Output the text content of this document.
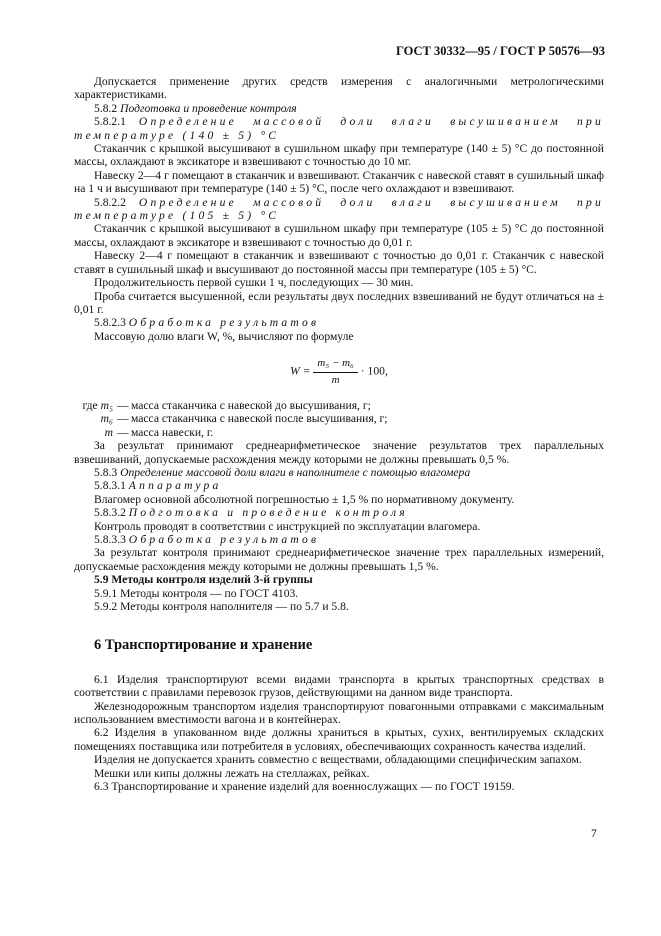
ГОСТ 30332—95 / ГОСТ Р 50576—93

Допускается применение других средств измерения с аналогичными метрологическими характеристиками.

5.8.2 Подготовка и проведение контроля

5.8.2.1 Определение массовой доли влаги высушиванием при температуре (140 ± 5) °С

Стаканчик с крышкой высушивают в сушильном шкафу при температуре (140 ± 5) °С до постоянной массы, охлаждают в эксикаторе и взвешивают с точностью до 10 мг.

Навеску 2—4 г помещают в стаканчик и взвешивают. Стаканчик с навеской ставят в сушильный шкаф на 1 ч и высушивают при температуре (140 ± 5) °С, после чего охлаждают и взвешивают.

5.8.2.2 Определение массовой доли влаги высушиванием при температуре (105 ± 5) °С

Стаканчик с крышкой высушивают в сушильном шкафу при температуре (105 ± 5) °С до постоянной массы, охлаждают в эксикаторе и взвешивают с точностью до 0,01 г.

Навеску 2—4 г помещают в стаканчик и взвешивают с точностью до 0,01 г. Стаканчик с навеской ставят в сушильный шкаф и высушивают до постоянной массы при температуре (105 ± 5) °С.

Продолжительность первой сушки 1 ч, последующих — 30 мин.

Проба считается высушенной, если результаты двух последних взвешиваний не будут отличаться на ± 0,01 г.

5.8.2.3 Обработка результатов

Массовую долю влаги W, %, вычисляют по формуле

$W = \frac{\text{m₅ − m₆}}{m} \cdot 100$,
где m₅ — масса стаканчика с навеской до высушивания, г;
m₆ — масса стаканчика с навеской после высушивания, г;
m — масса навески, г.

За результат принимают среднеарифметическое значение результатов трех параллельных взвешиваний, допускаемые расхождения между которыми не должны превышать 0,5 %.

5.8.3 Определение массовой доли влаги в наполнителе с помощью влагомера

5.8.3.1 Аппаратура

Влагомер основной абсолютной погрешностью ± 1,5 % по нормативному документу.

5.8.3.2 Подготовка и проведение контроля

Контроль проводят в соответствии с инструкцией по эксплуатации влагомера.

5.8.3.3 Обработка результатов

За результат контроля принимают среднеарифметическое значение трех параллельных измерений, допускаемые расхождения между которыми не должны превышать 1,5 %.

5.9 Методы контроля изделий 3-й группы

5.9.1 Методы контроля — по ГОСТ 4103.

5.9.2 Методы контроля наполнителя — по 5.7 и 5.8.

6 Транспортирование и хранение

6.1 Изделия транспортируют всеми видами транспорта в крытых транспортных средствах в соответствии с правилами перевозок грузов, действующими на данном виде транспорта.

Железнодорожным транспортом изделия транспортируют повагонными отправками с максимальным использованием вместимости вагона и в контейнерах.

6.2 Изделия в упакованном виде должны храниться в крытых, сухих, вентилируемых складских помещениях поставщика или потребителя в условиях, обеспечивающих сохранность качества изделий.

Изделия не допускается хранить совместно с веществами, обладающими специфическим запахом.

Мешки или кипы должны лежать на стеллажах, рейках.

6.3 Транспортирование и хранение изделий для военнослужащих — по ГОСТ 19159.

7
